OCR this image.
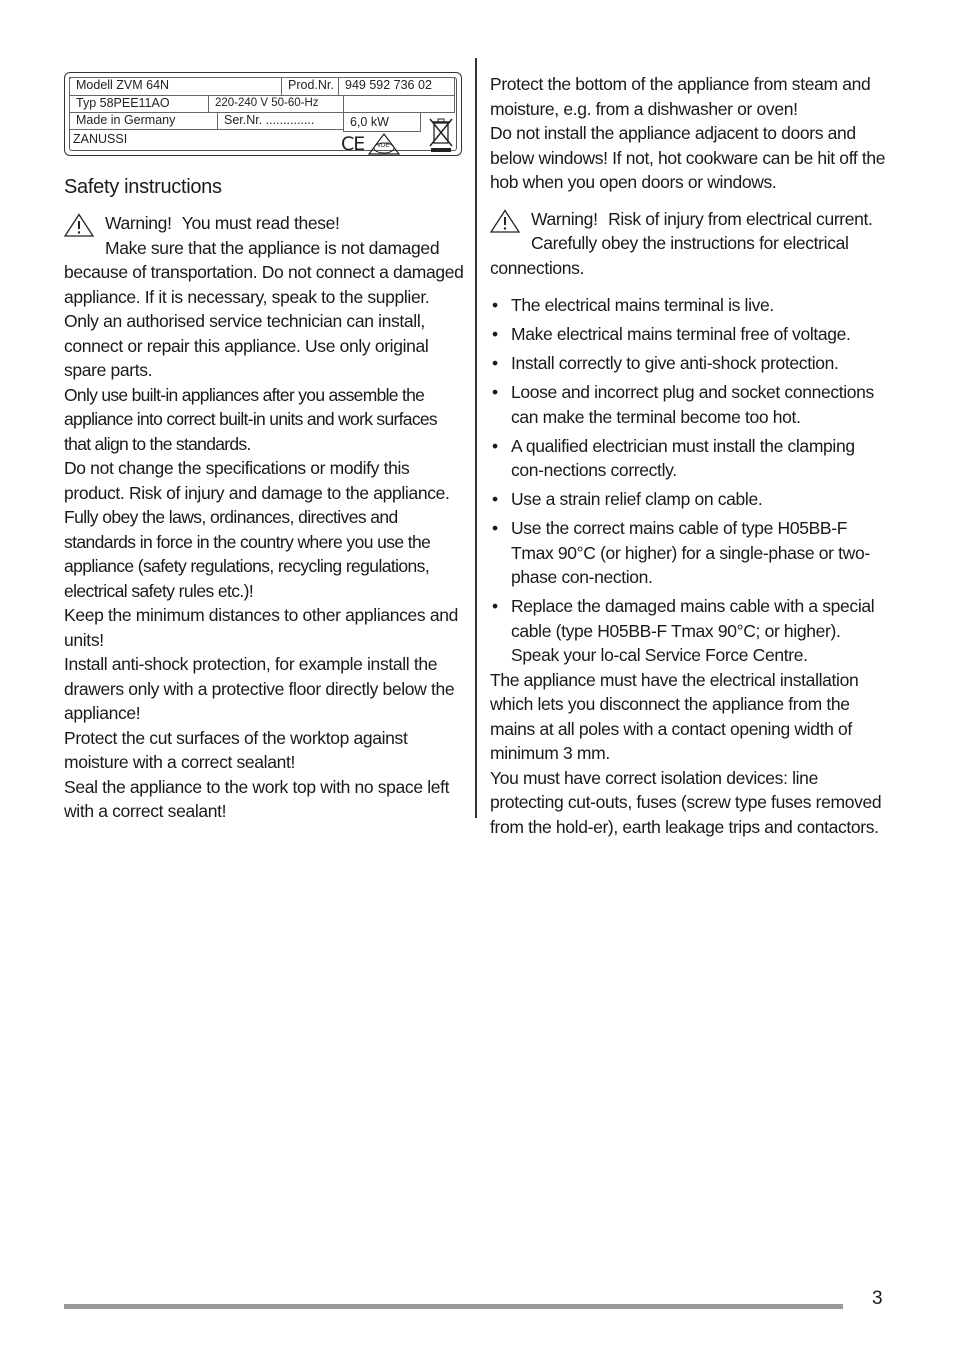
Modell ZVM 64N	Prod.Nr. 949 592 736 02
Typ 58PEE11AO	220-240 V 50-60-Hz
Made in Germany	Ser.Nr. ..............	6,0 kW
ZANUSSI	CE VDE
Safety instructions

Warning! You must read these!

Make sure that the appliance is not damaged

because of transportation. Do not connect a damaged appliance. If it is necessary, speak to the supplier.

Only an authorised service technician can install, connect or repair this appliance. Use only original spare parts.

Only use built-in appliances after you assemble the appliance into correct built-in units and work surfaces that align to the standards.

Do not change the specifications or modify this product. Risk of injury and damage to the appliance.

Fully obey the laws, ordinances, directives and standards in force in the country where you use the appliance (safety regulations, recycling regulations, electrical safety rules etc.)!

Keep the minimum distances to other appliances and units!

Install anti-shock protection, for example install the drawers only with a protective floor directly below the appliance!

Protect the cut surfaces of the worktop against moisture with a correct sealant!

Seal the appliance to the work top with no space left with a correct sealant!

Protect the bottom of the appliance from steam and moisture, e.g. from a dishwasher or oven!

Do not install the appliance adjacent to doors and below windows! If not, hot cookware can be hit off the hob when you open doors or windows.

Warning! Risk of injury from electrical current.

Carefully obey the instructions for electrical

connections.

• The electrical mains terminal is live.
• Make electrical mains terminal free of voltage.
• Install correctly to give anti-shock protection.
• Loose and incorrect plug and socket connections can make the terminal become too hot.
• A qualified electrician must install the clamping con-nections correctly.
• Use a strain relief clamp on cable.
• Use the correct mains cable of type H05BB-F Tmax 90°C (or higher) for a single-phase or two-phase con-nection.
• Replace the damaged mains cable with a special cable (type H05BB-F Tmax 90°C; or higher). Speak your lo-cal Service Force Centre.

The appliance must have the electrical installation which lets you disconnect the appliance from the mains at all poles with a contact opening width of minimum 3 mm.

You must have correct isolation devices: line protecting cut-outs, fuses (screw type fuses removed from the hold-er), earth leakage trips and contactors.

3
